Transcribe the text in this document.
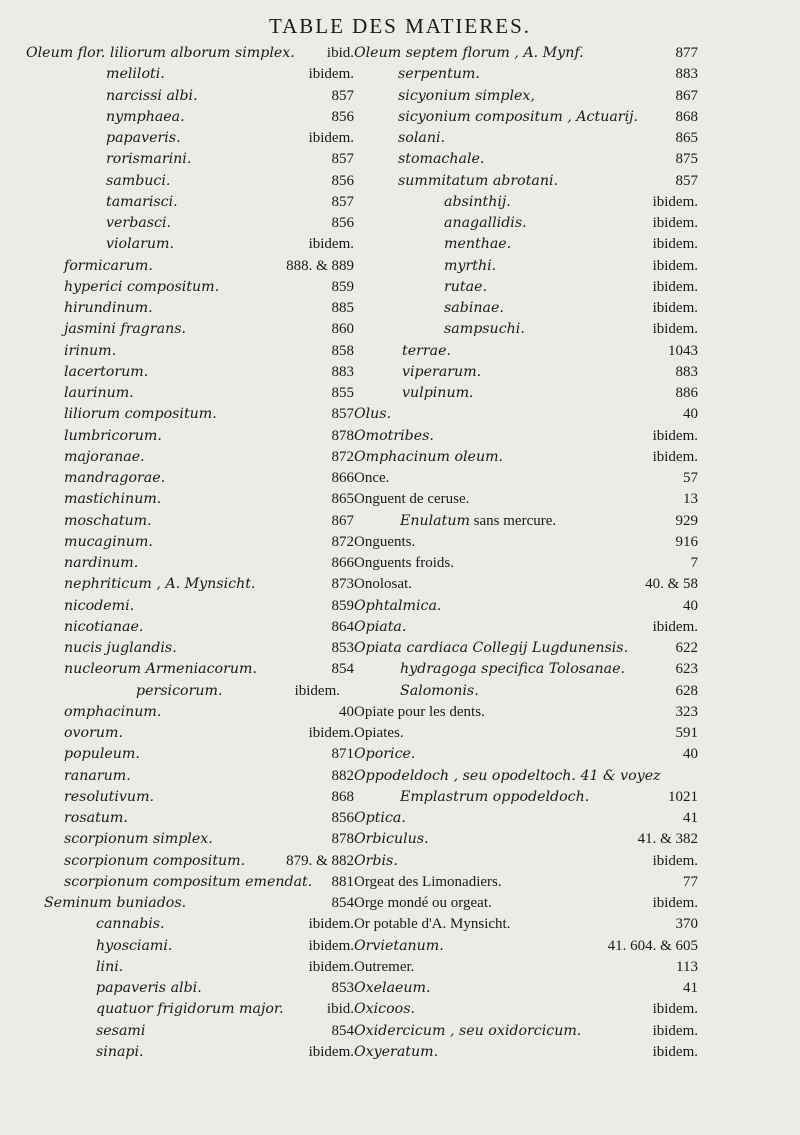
TABLE DES MATIERES.
Oleum flor. liliorum alborum simplex. ibid.
meliloti.	ibidem.
narcissi albi.	857
nymphaea.	856
papaveris.	ibidem.
rorismarini.	857
sambuci.	856
tamarisci.	857
verbasci.	856
violarum.	ibidem.
formicarum.	888. & 889
hyperici compositum.	859
hirundinum.	885
jasmini fragrans.	860
irinum.	858
lacertorum.	883
laurinum.	855
liliorum compositum.	857
lumbricorum.	878
majoranae.	872
mandragorae.	866
mastichinum.	865
moschatum.	867
mucaginum.	872
nardinum.	866
nephriticum , A. Mynsicht.	873
nicodemi.	859
nicotianae.	864
nucis juglandis.	853
nucleorum Armeniacorum.	854
persicorum.	ibidem.
omphacinum.	40
ovorum.	ibidem.
populeum.	871
ranarum.	882
resolutivum.	868
rosatum.	856
scorpionum simplex.	878
scorpionum compositum.	879. & 882
scorpionum compositum emendat. 881
Seminum buniados.	854
cannabis.	ibidem.
hyosciami.	ibidem.
lini.	ibidem.
papaveris albi.	853
quatuor frigidorum major.	ibid.
sesami	854
sinapi.	ibidem.
Oleum septem florum , A. Mynf.	877
serpentum.	883
sicyonium simplex,	867
sicyonium compositum , Actuarij. 868
solani.	865
stomachale.	875
summitatum abrotani.	857
absinthij.	ibidem.
anagallidis.	ibidem.
menthae.	ibidem.
myrthi.	ibidem.
rutae.	ibidem.
sabinae.	ibidem.
sampsuchi.	ibidem.
terrae.	1043
viperarum.	883
vulpinum.	886
Olus.	40
Omotribes.	ibidem.
Omphacinum oleum.	ibidem.
Once.	57
Onguent de ceruse.	13
Enulatum sans mercure.	929
Onguents.	916
Onguents froids.	7
Onolosat.	40. & 58
Ophtalmica.	40
Opiata.	ibidem.
Opiata cardiaca Collegij Lugdunensis.	622
hydragoga specifica Tolosanae.	623
Salomonis.	628
Opiate pour les dents.	323
Opiates.	591
Oporice.	40
Oppodeldoch , seu opodeltoch. 41 & voyez
Emplastrum oppodeldoch.	1021
Optica.	41
Orbiculus.	41. & 382
Orbis.	ibidem.
Orgeat des Limonadiers.	77
Orge mondé ou orgeat.	ibidem.
Or potable d'A. Mynsicht.	370
Orvietanum.	41. 604. & 605
Outremer.	113
Oxelaeum.	41
Oxicoos.	ibidem.
Oxidercicum , seu oxidorcicum.	ibidem.
Oxyeratum.	ibidem.
